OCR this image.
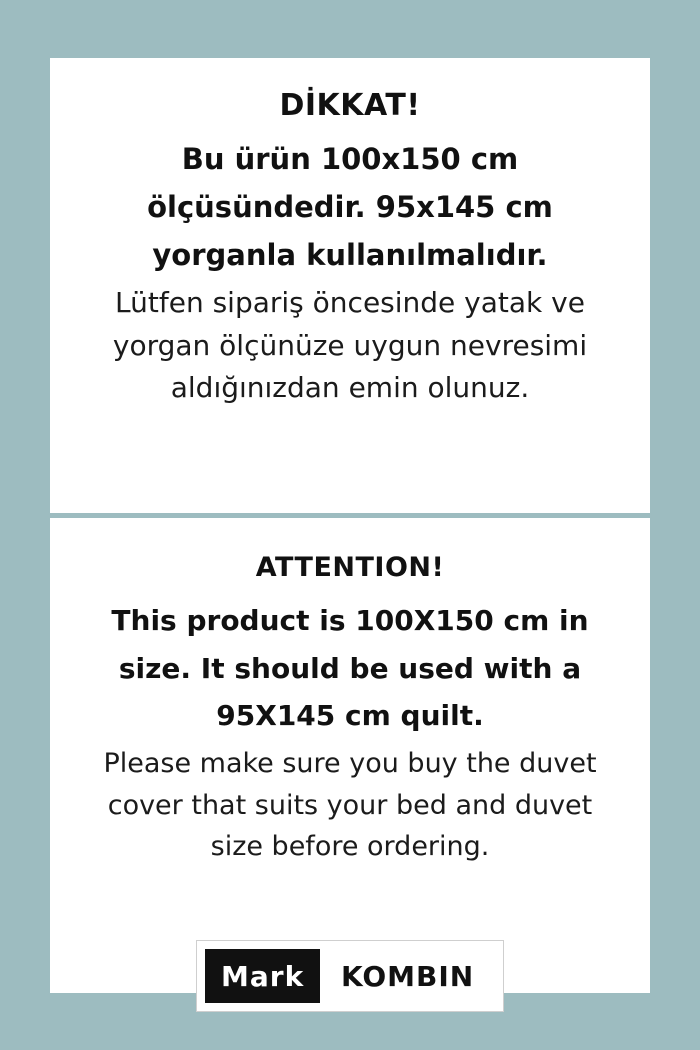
DİKKAT!

Bu ürün 100x150 cm

ölçüsündedir. 95x145 cm

yorganla kullanılmalıdır.

Lütfen sipariş öncesinde yatak ve yorgan ölçünüze uygun nevresimi aldığınızdan emin olunuz.

ATTENTION!

This product is 100X150 cm in

size. It should be used with a

95X145 cm quilt.

Please make sure you buy the duvet cover that suits your bed and duvet size before ordering.

Mark	KOMBIN
